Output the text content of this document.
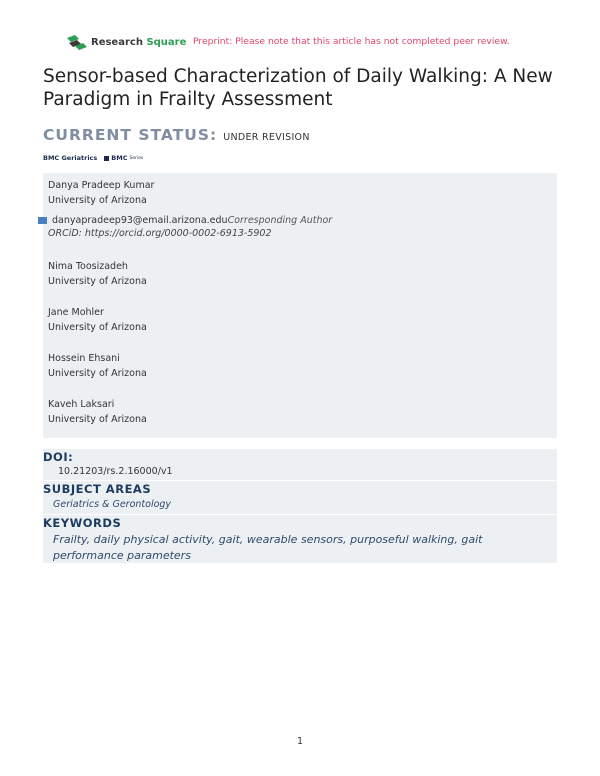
Research Square Preprint: Please note that this article has not completed peer review.
Sensor-based Characterization of Daily Walking: A New Paradigm in Frailty Assessment
CURRENT STATUS: UNDER REVISION
BMC Geriatrics BMC Series
Danya Pradeep Kumar
University of Arizona
danyapradeep93@email.arizona.eduCorresponding Author
ORCiD: https://orcid.org/0000-0002-6913-5902
Nima Toosizadeh
University of Arizona
Jane Mohler
University of Arizona
Hossein Ehsani
University of Arizona
Kaveh Laksari
University of Arizona
DOI:
10.21203/rs.2.16000/v1
SUBJECT AREAS
Geriatrics & Gerontology
KEYWORDS
Frailty, daily physical activity, gait, wearable sensors, purposeful walking, gait performance parameters
1
